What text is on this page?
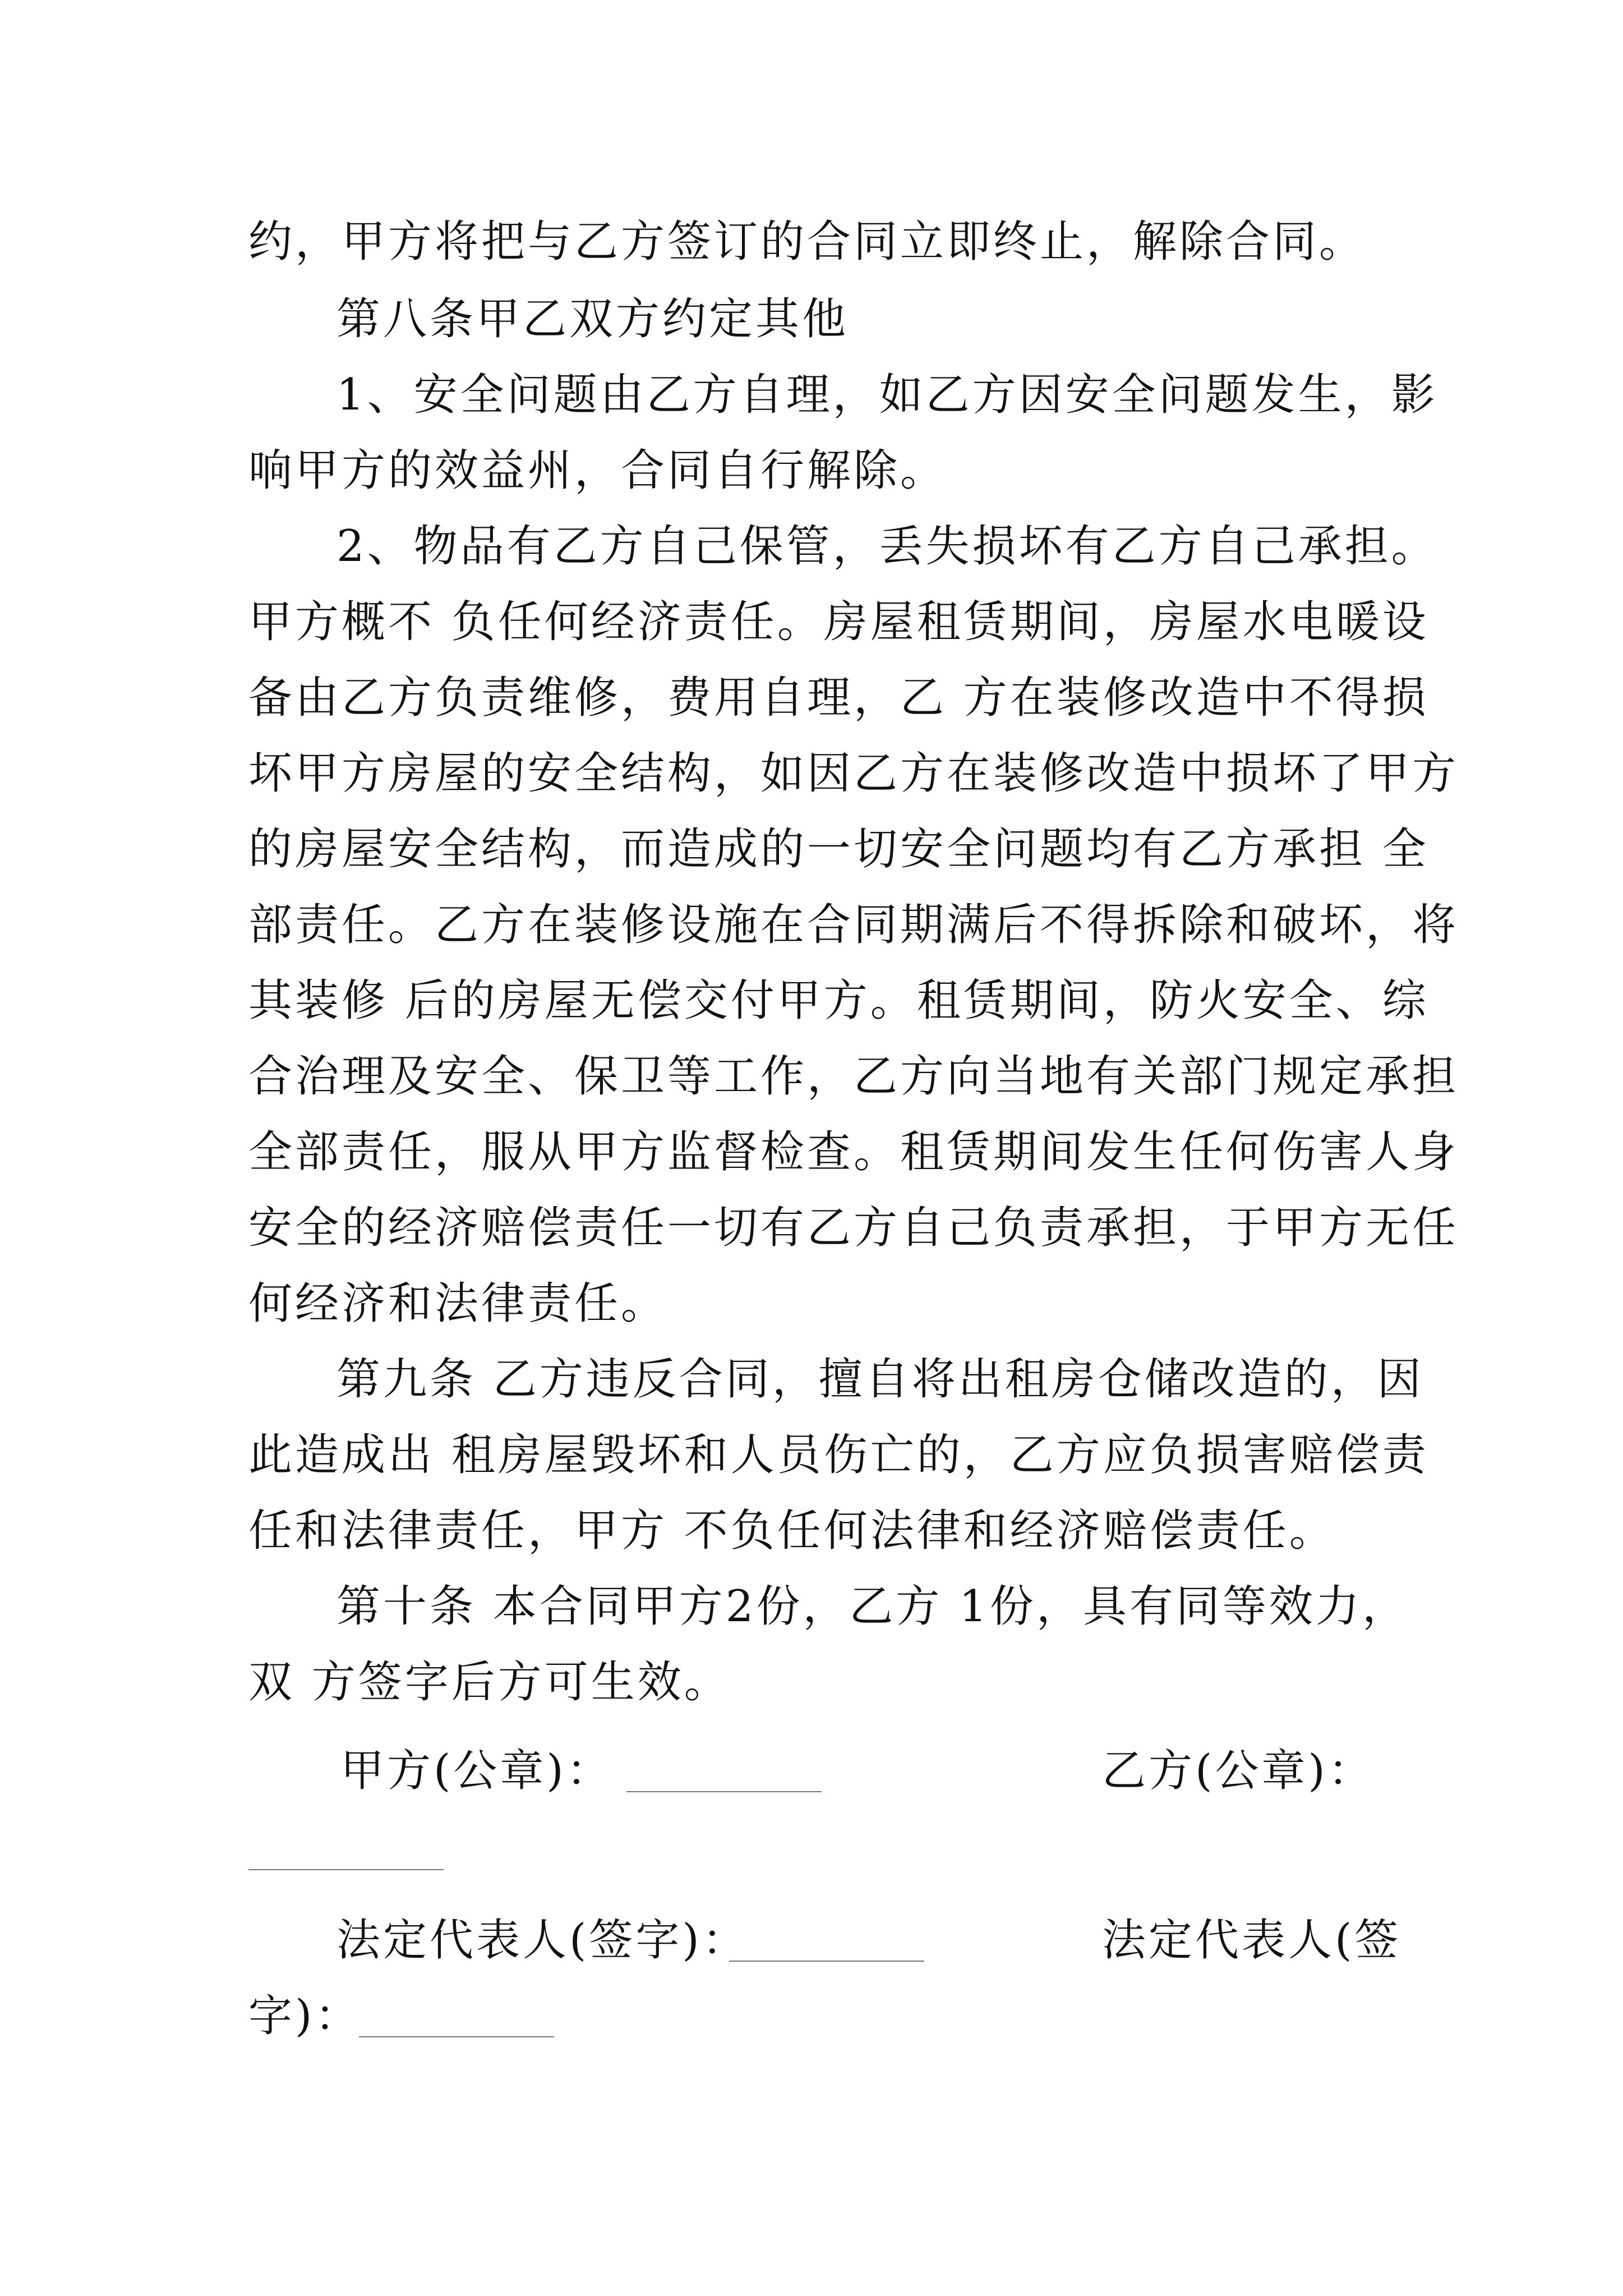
约，甲方将把与乙方签订的合同立即终止，解除合同。
第八条甲乙双方约定其他
1、安全问题由乙方自理，如乙方因安全问题发生，影
响甲方的效益州，合同自行解除。
2、物品有乙方自己保管，丢失损坏有乙方自己承担。
甲方概不 负任何经济责任。房屋租赁期间，房屋水电暖设
备由乙方负责维修，费用自理，乙 方在装修改造中不得损
坏甲方房屋的安全结构，如因乙方在装修改造中损坏了甲方
的房屋安全结构，而造成的一切安全问题均有乙方承担 全
部责任。乙方在装修设施在合同期满后不得拆除和破坏，将
其装修 后的房屋无偿交付甲方。租赁期间，防火安全、综
合治理及安全、保卫等工作，乙方向当地有关部门规定承担
全部责任，服从甲方监督检查。租赁期间发生任何伤害人身
安全的经济赔偿责任一切有乙方自己负责承担，于甲方无任
何经济和法律责任。
第九条 乙方违反合同，擅自将出租房仓储改造的，因
此造成出 租房屋毁坏和人员伤亡的，乙方应负损害赔偿责
任和法律责任，甲方 不负任何法律和经济赔偿责任。
第十条 本合同甲方2份，乙方 1份，具有同等效力，
双 方签字后方可生效。
甲方(公章)：	乙方(公章)：
法定代表人(签字)：	法定代表人(签
字)：
